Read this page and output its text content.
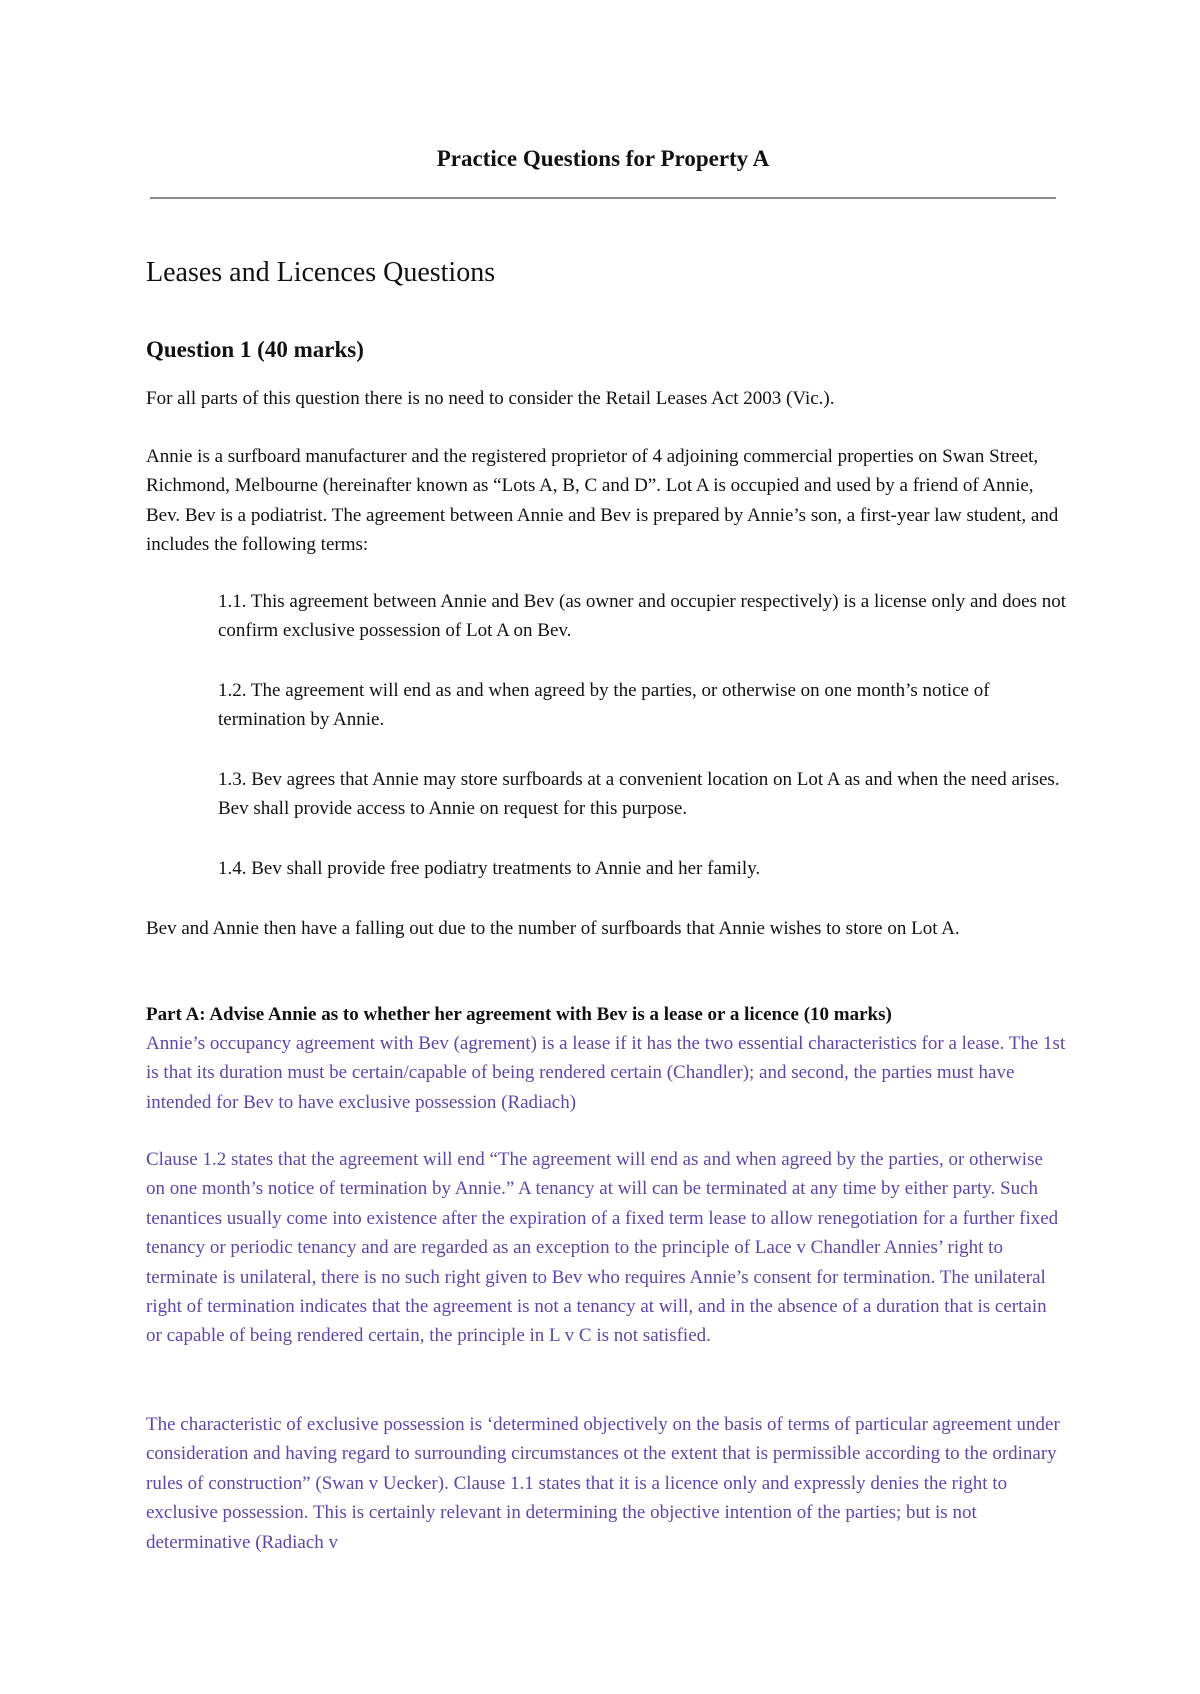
Practice Questions for Property A
Leases and Licences Questions
Question 1 (40 marks)

For all parts of this question there is no need to consider the Retail Leases Act 2003 (Vic.).

Annie is a surfboard manufacturer and the registered proprietor of 4 adjoining commercial properties on Swan Street, Richmond, Melbourne (hereinafter known as “Lots A, B, C and D”. Lot A is occupied and used by a friend of Annie, Bev. Bev is a podiatrist. The agreement between Annie and Bev is prepared by Annie’s son, a first-year law student, and includes the following terms:

1.1. This agreement between Annie and Bev (as owner and occupier respectively) is a license only and does not confirm exclusive possession of Lot A on Bev.

1.2. The agreement will end as and when agreed by the parties, or otherwise on one month’s notice of termination by Annie.

1.3. Bev agrees that Annie may store surfboards at a convenient location on Lot A as and when the need arises. Bev shall provide access to Annie on request for this purpose.

1.4. Bev shall provide free podiatry treatments to Annie and her family.

Bev and Annie then have a falling out due to the number of surfboards that Annie wishes to store on Lot A.

Part A: Advise Annie as to whether her agreement with Bev is a lease or a licence (10 marks)

Annie’s occupancy agreement with Bev (agrement) is a lease if it has the two essential characteristics for a lease. The 1st is that its duration must be certain/capable of being rendered certain (Chandler); and second, the parties must have intended for Bev to have exclusive possession (Radiach)

Clause 1.2 states that the agreement will end “The agreement will end as and when agreed by the parties, or otherwise on one month’s notice of termination by Annie.” A tenancy at will can be terminated at any time by either party. Such tenantices usually come into existence after the expiration of a fixed term lease to allow renegotiation for a further fixed tenancy or periodic tenancy and are regarded as an exception to the principle of Lace v Chandler Annies’ right to terminate is unilateral, there is no such right given to Bev who requires Annie’s consent for termination. The unilateral right of termination indicates that the agreement is not a tenancy at will, and in the absence of a duration that is certain or capable of being rendered certain, the principle in L v C is not satisfied.

The characteristic of exclusive possession is ‘determined objectively on the basis of terms of particular agreement under consideration and having regard to surrounding circumstances ot the extent that is permissible according to the ordinary rules of construction” (Swan v Uecker). Clause 1.1 states that it is a licence only and expressly denies the right to exclusive possession. This is certainly relevant in determining the objective intention of the parties; but is not determinative (Radiach v
